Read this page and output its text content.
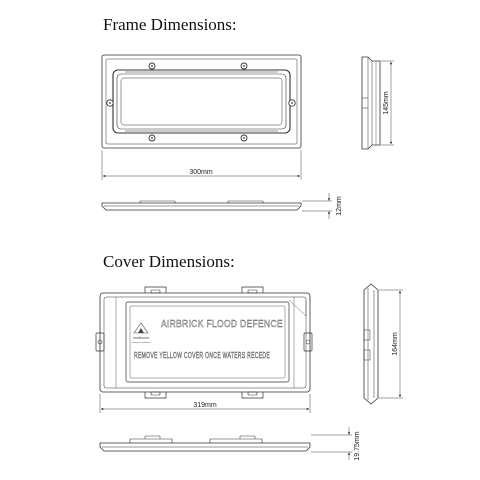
Frame Dimensions:
Cover Dimensions:
300mm
145mm
12mm
nordhome
turning on solutions
AIRBRICK FLOOD DEFENCE
REMOVE YELLOW COVER ONCE WATERS RECEDE
319mm
164mm
19.75mm
